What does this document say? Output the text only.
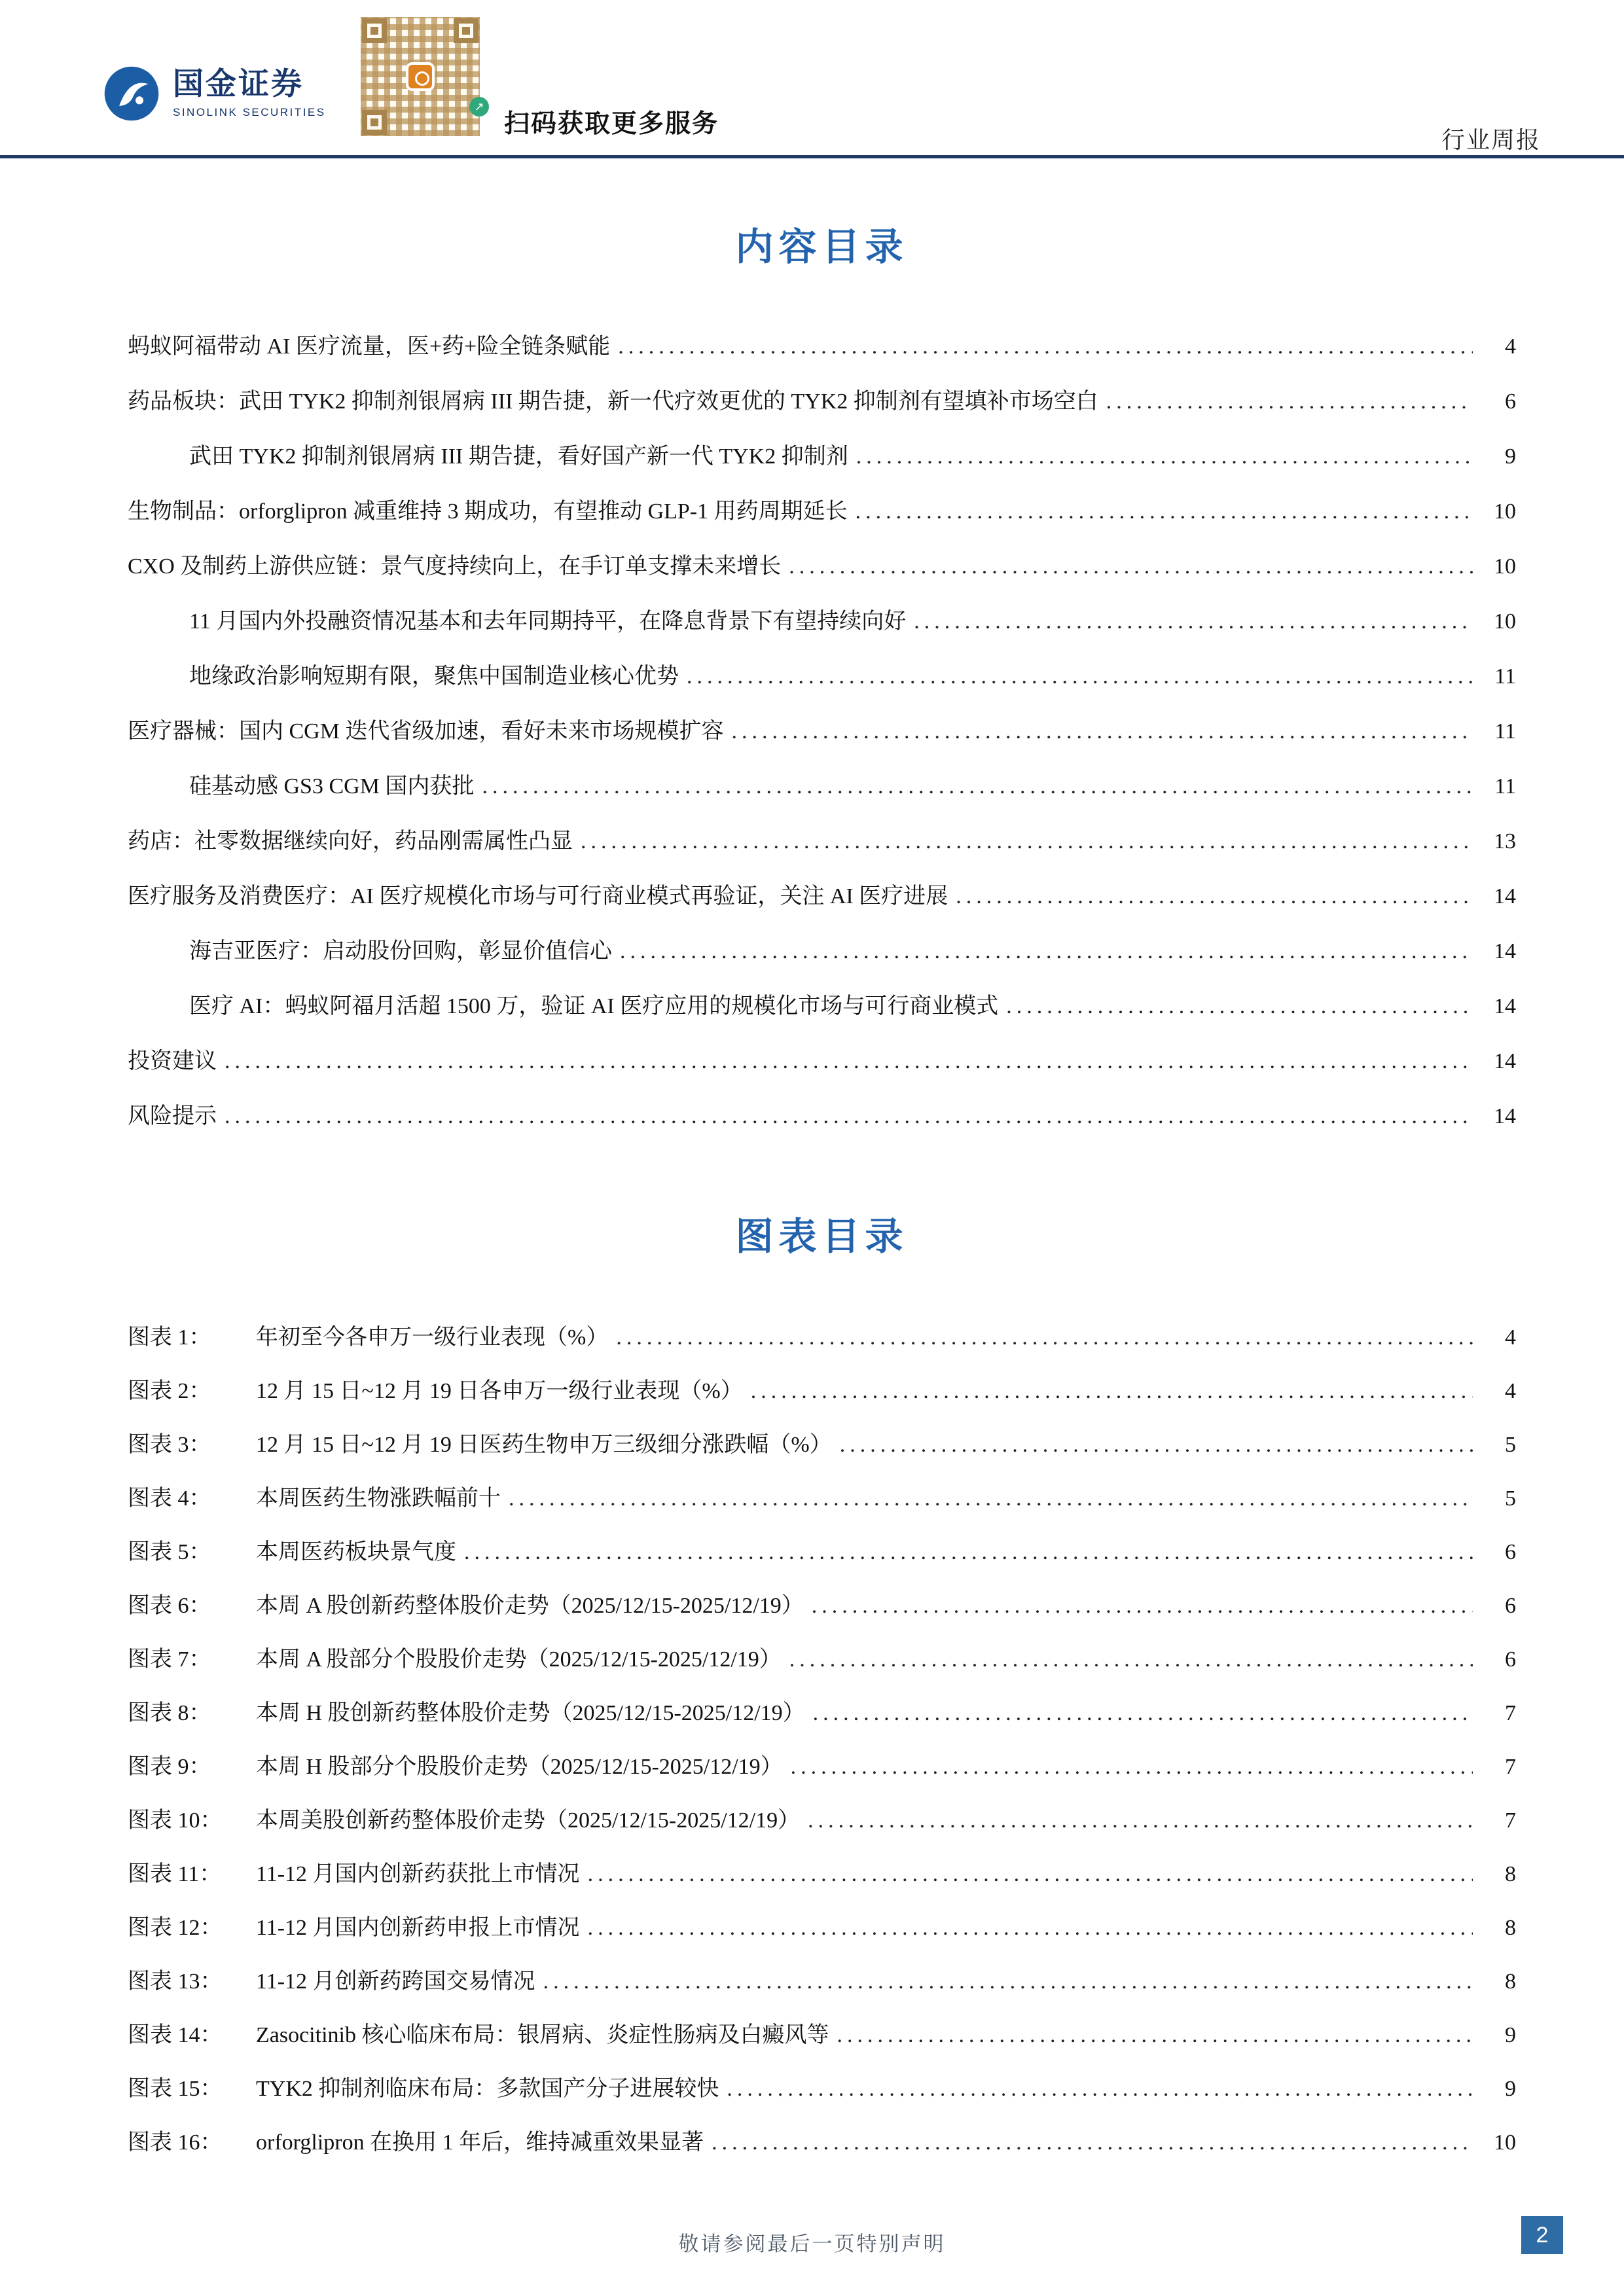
国金证券
SINOLINK SECURITIES	↗
扫码获取更多服务
行业周报
内容目录
蚂蚁阿福带动 AI 医疗流量，医+药+险全链条赋能 .....	4
药品板块：武田 TYK2 抑制剂银屑病 III 期告捷，新一代疗效更优的 TYK2 抑制剂有望填补市场空白 .....	6
武田 TYK2 抑制剂银屑病 III 期告捷，看好国产新一代 TYK2 抑制剂 .....	9
生物制品：orforglipron 减重维持 3 期成功，有望推动 GLP-1 用药周期延长 .....	10
CXO 及制药上游供应链：景气度持续向上，在手订单支撑未来增长 .....	10
11 月国内外投融资情况基本和去年同期持平，在降息背景下有望持续向好 .....	10
地缘政治影响短期有限，聚焦中国制造业核心优势 .....	11
医疗器械：国内 CGM 迭代省级加速，看好未来市场规模扩容 .....	11
硅基动感 GS3 CGM 国内获批 .....	11
药店：社零数据继续向好，药品刚需属性凸显 .....	13
医疗服务及消费医疗：AI 医疗规模化市场与可行商业模式再验证，关注 AI 医疗进展 .....	14
海吉亚医疗：启动股份回购，彰显价值信心 .....	14
医疗 AI：蚂蚁阿福月活超 1500 万，验证 AI 医疗应用的规模化市场与可行商业模式 .....	14
投资建议 .....	14
风险提示 .....	14
图表目录
图表 1：	年初至今各申万一级行业表现（%） .....	4
图表 2：	12 月 15 日~12 月 19 日各申万一级行业表现（%） .....	4
图表 3：	12 月 15 日~12 月 19 日医药生物申万三级细分涨跌幅（%） .....	5
图表 4：	本周医药生物涨跌幅前十 .....	5
图表 5：	本周医药板块景气度 .....	6
图表 6：	本周 A 股创新药整体股价走势（2025/12/15-2025/12/19） .....	6
图表 7：	本周 A 股部分个股股价走势（2025/12/15-2025/12/19） .....	6
图表 8：	本周 H 股创新药整体股价走势（2025/12/15-2025/12/19） .....	7
图表 9：	本周 H 股部分个股股价走势（2025/12/15-2025/12/19） .....	7
图表 10：	本周美股创新药整体股价走势（2025/12/15-2025/12/19） .....	7
图表 11：	11-12 月国内创新药获批上市情况 .....	8
图表 12：	11-12 月国内创新药申报上市情况 .....	8
图表 13：	11-12 月创新药跨国交易情况 .....	8
图表 14：	Zasocitinib 核心临床布局：银屑病、炎症性肠病及白癜风等 .....	9
图表 15：	TYK2 抑制剂临床布局：多款国产分子进展较快 .....	9
图表 16：	orforglipron 在换用 1 年后，维持减重效果显著 .....	10
敬请参阅最后一页特别声明	2
